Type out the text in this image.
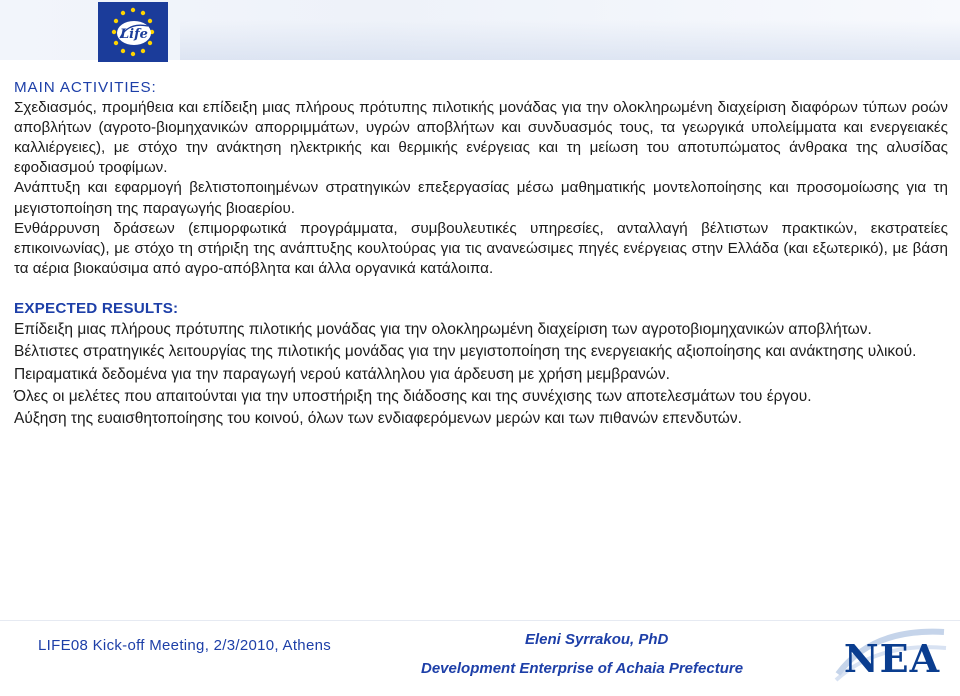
Life

MAIN ACTIVITIES:

Σχεδιασμός, προμήθεια και επίδειξη μιας πλήρους πρότυπης πιλοτικής μονάδας για την ολοκληρωμένη διαχείριση διαφόρων τύπων ροών αποβλήτων (αγροτο-βιομηχανικών απορριμμάτων, υγρών αποβλήτων και συνδυασμός τους, τα γεωργικά υπολείμματα και ενεργειακές καλλιέργειες), με στόχο την ανάκτηση ηλεκτρικής και θερμικής ενέργειας και τη μείωση του αποτυπώματος άνθρακα της αλυσίδας εφοδιασμού τροφίμων.

Ανάπτυξη και εφαρμογή βελτιστοποιημένων στρατηγικών επεξεργασίας μέσω μαθηματικής μοντελοποίησης και προσομοίωσης για τη μεγιστοποίηση της παραγωγής βιοαερίου.

Ενθάρρυνση δράσεων (επιμορφωτικά προγράμματα, συμβουλευτικές υπηρεσίες, ανταλλαγή βέλτιστων πρακτικών, εκστρατείες επικοινωνίας), με στόχο τη στήριξη της ανάπτυξης κουλτούρας για τις ανανεώσιμες πηγές ενέργειας στην Ελλάδα (και εξωτερικό), με βάση τα αέρια βιοκαύσιμα από αγρο-απόβλητα και άλλα οργανικά κατάλοιπα.

EXPECTED RESULTS:

Επίδειξη μιας πλήρους πρότυπης πιλοτικής μονάδας για την ολοκληρωμένη διαχείριση των αγροτοβιομηχανικών αποβλήτων.

Βέλτιστες στρατηγικές λειτουργίας της πιλοτικής μονάδας για την μεγιστοποίηση της ενεργειακής αξιοποίησης και ανάκτησης υλικού.

Πειραματικά δεδομένα για την παραγωγή νερού κατάλληλου για άρδευση με χρήση μεμβρανών.

Όλες οι μελέτες που απαιτούνται για την υποστήριξη της διάδοσης και της συνέχισης των αποτελεσμάτων του έργου.

Αύξηση της ευαισθητοποίησης του κοινού, όλων των ενδιαφερόμενων μερών και των πιθανών επενδυτών.

LIFE08 Kick-off Meeting, 2/3/2010, Athens	Eleni Syrrakou, PhD
Development Enterprise of Achaia Prefecture	NEA
